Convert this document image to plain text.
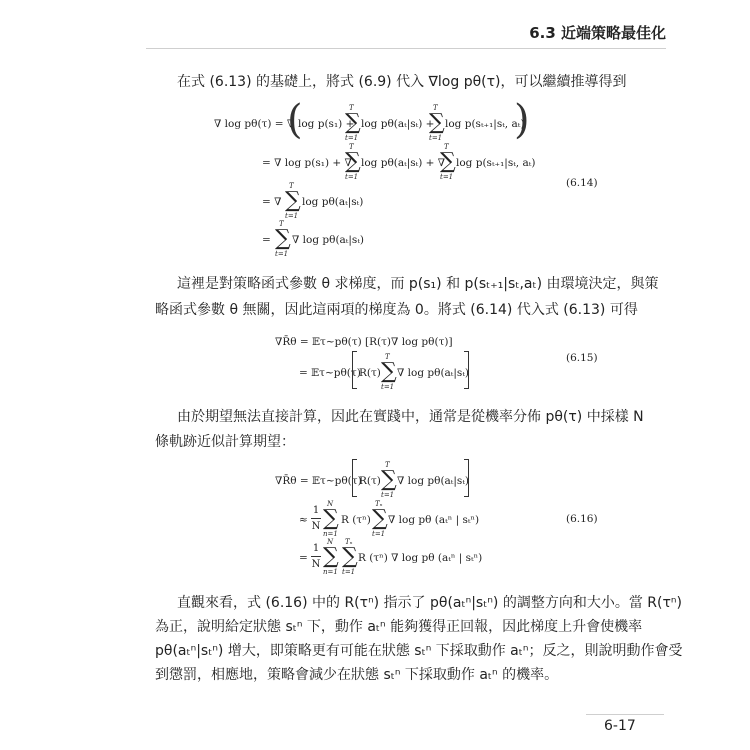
6.3 近端策略最佳化
在式 (6.13) 的基礎上，將式 (6.9) 代入 ∇log pθ(τ)，可以繼續推導得到
∇ log pθ(τ) = ∇
(
log p(s₁) +
∑
T
t=1
log pθ(aₜ|sₜ) +
∑
T
t=1
log p(sₜ₊₁|sₜ, aₜ)
)
= ∇ log p(s₁) + ∇
∑
T
t=1
log pθ(aₜ|sₜ) + ∇
∑
T
t=1
log p(sₜ₊₁|sₜ, aₜ)
(6.14)
= ∇ ∑
T
t=1
log pθ(aₜ|sₜ)
= ∑
T
t=1
∇ log pθ(aₜ|sₜ)
這裡是對策略函式參數 θ 求梯度，而 p(s₁) 和 p(sₜ₊₁|sₜ,aₜ) 由環境決定，與策
略函式參數 θ 無關，因此這兩項的梯度為 0。將式 (6.14) 代入式 (6.13) 可得
∇R̄θ = 𝔼τ∼pθ(τ) [R(τ)∇ log pθ(τ)]
= 𝔼τ∼pθ(τ)
R(τ) ∑
T
t=1
∇ log pθ(aₜ|sₜ)
(6.15)
由於期望無法直接計算，因此在實踐中，通常是從機率分佈 pθ(τ) 中採樣 N
條軌跡近似計算期望：
∇R̄θ = 𝔼τ∼pθ(τ)
R(τ) ∑
T
t=1
∇ log pθ(aₜ|sₜ)
≈
1
N ∑
N
n=1
R (τⁿ) ∑
Tₙ
t=1
∇ log pθ (aₜⁿ | sₜⁿ)	(6.16)
=
1
N ∑
N
n=1
∑
Tₙ
t=1
R (τⁿ) ∇ log pθ (aₜⁿ | sₜⁿ)
直觀來看，式 (6.16) 中的 R(τⁿ) 指示了 pθ(aₜⁿ|sₜⁿ) 的調整方向和大小。當 R(τⁿ)
為正，說明給定狀態 sₜⁿ 下，動作 aₜⁿ 能夠獲得正回報，因此梯度上升會使機率
pθ(aₜⁿ|sₜⁿ) 增大，即策略更有可能在狀態 sₜⁿ 下採取動作 aₜⁿ；反之，則說明動作會受
到懲罰，相應地，策略會減少在狀態 sₜⁿ 下採取動作 aₜⁿ 的機率。
6-17
